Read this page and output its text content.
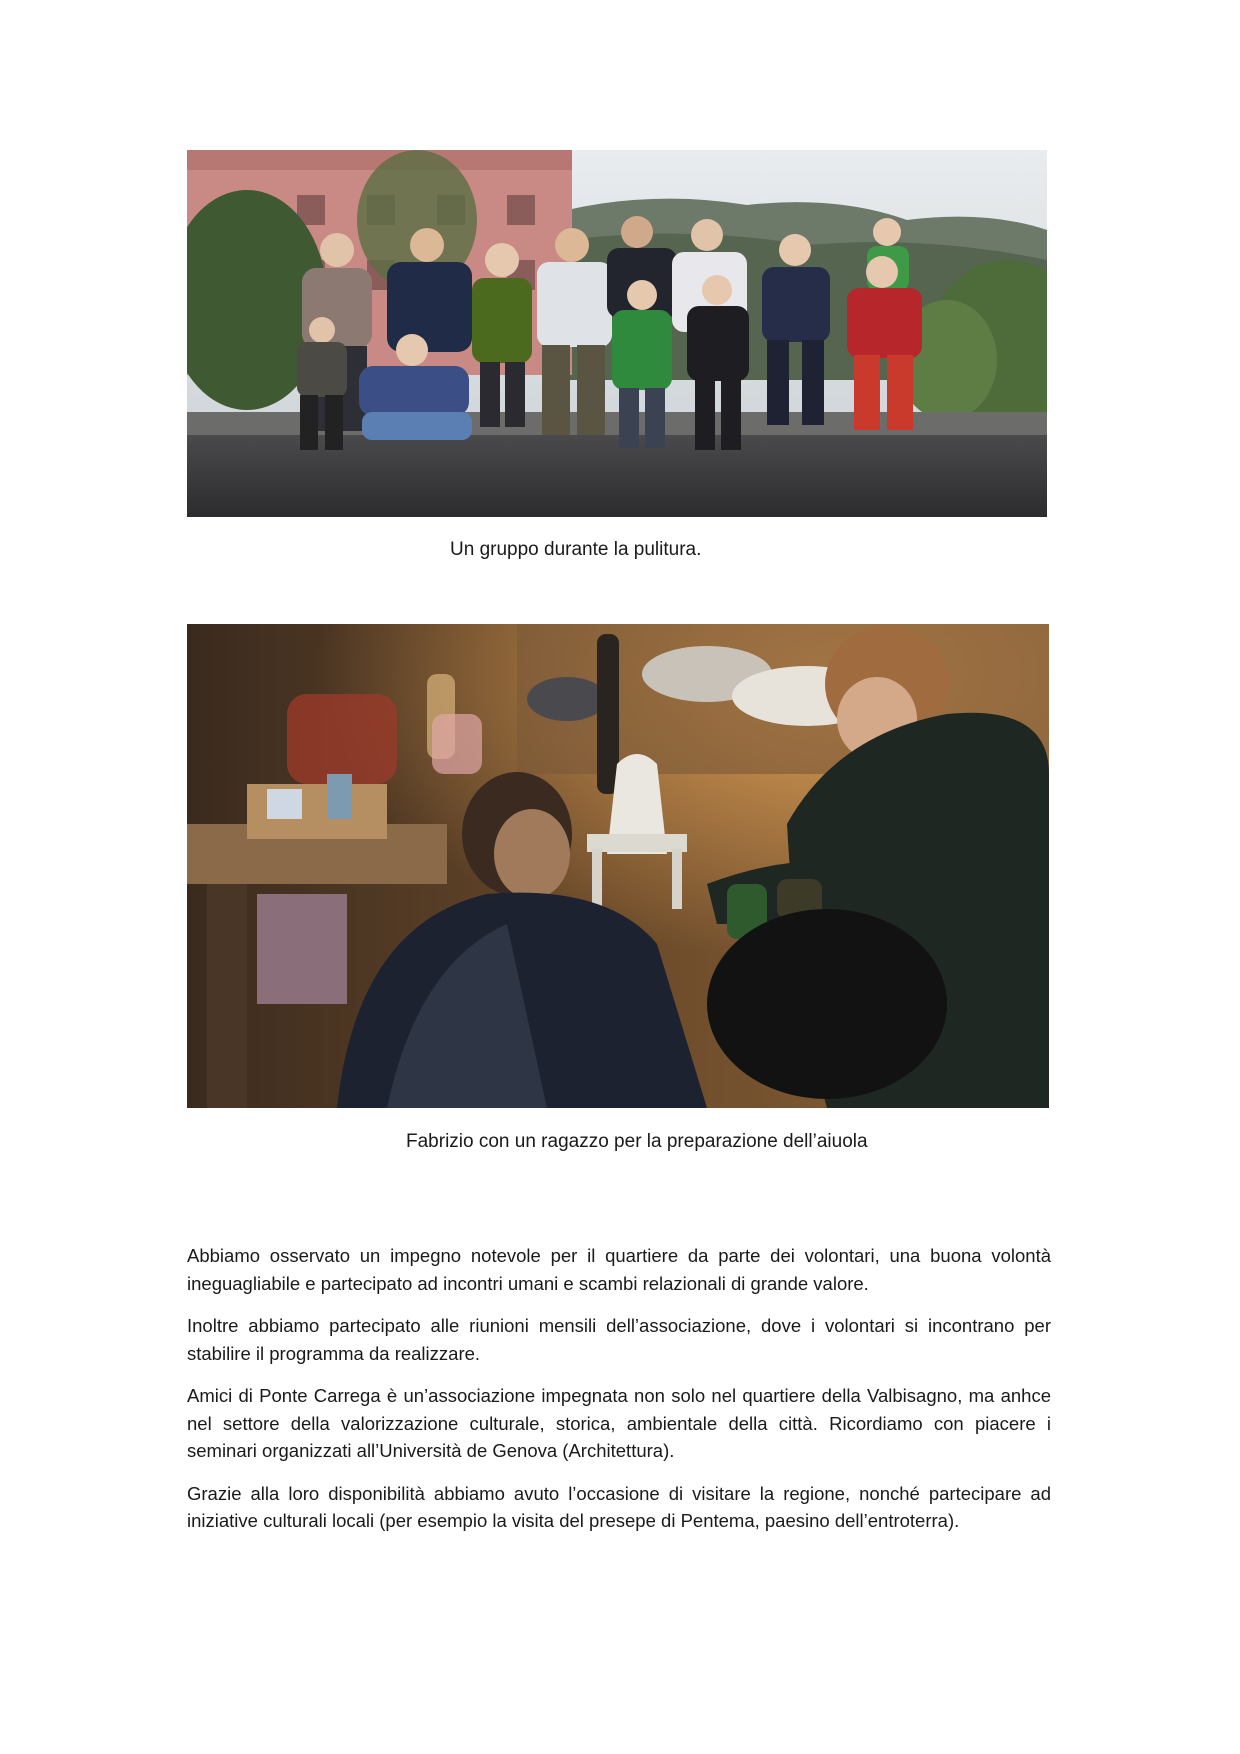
Un gruppo durante la pulitura.
Fabrizio con un ragazzo per la preparazione dell’aiuola

Abbiamo osservato un impegno notevole per il quartiere da parte dei volontari, una buona volontà ineguagliabile e partecipato ad incontri umani e scambi relazionali di grande valore.

Inoltre abbiamo partecipato alle riunioni mensili dell’associazione, dove i volontari si incontrano per stabilire il programma da realizzare.

Amici di Ponte Carrega è un’associazione impegnata non solo nel quartiere della Valbisagno, ma anhce nel settore della valorizzazione culturale, storica, ambientale della città. Ricordiamo con piacere i seminari organizzati all’Università de Genova (Architettura).

Grazie alla loro disponibilità abbiamo avuto l’occasione di visitare la regione, nonché partecipare ad iniziative culturali locali (per esempio la visita del presepe di Pentema, paesino dell’entroterra).
